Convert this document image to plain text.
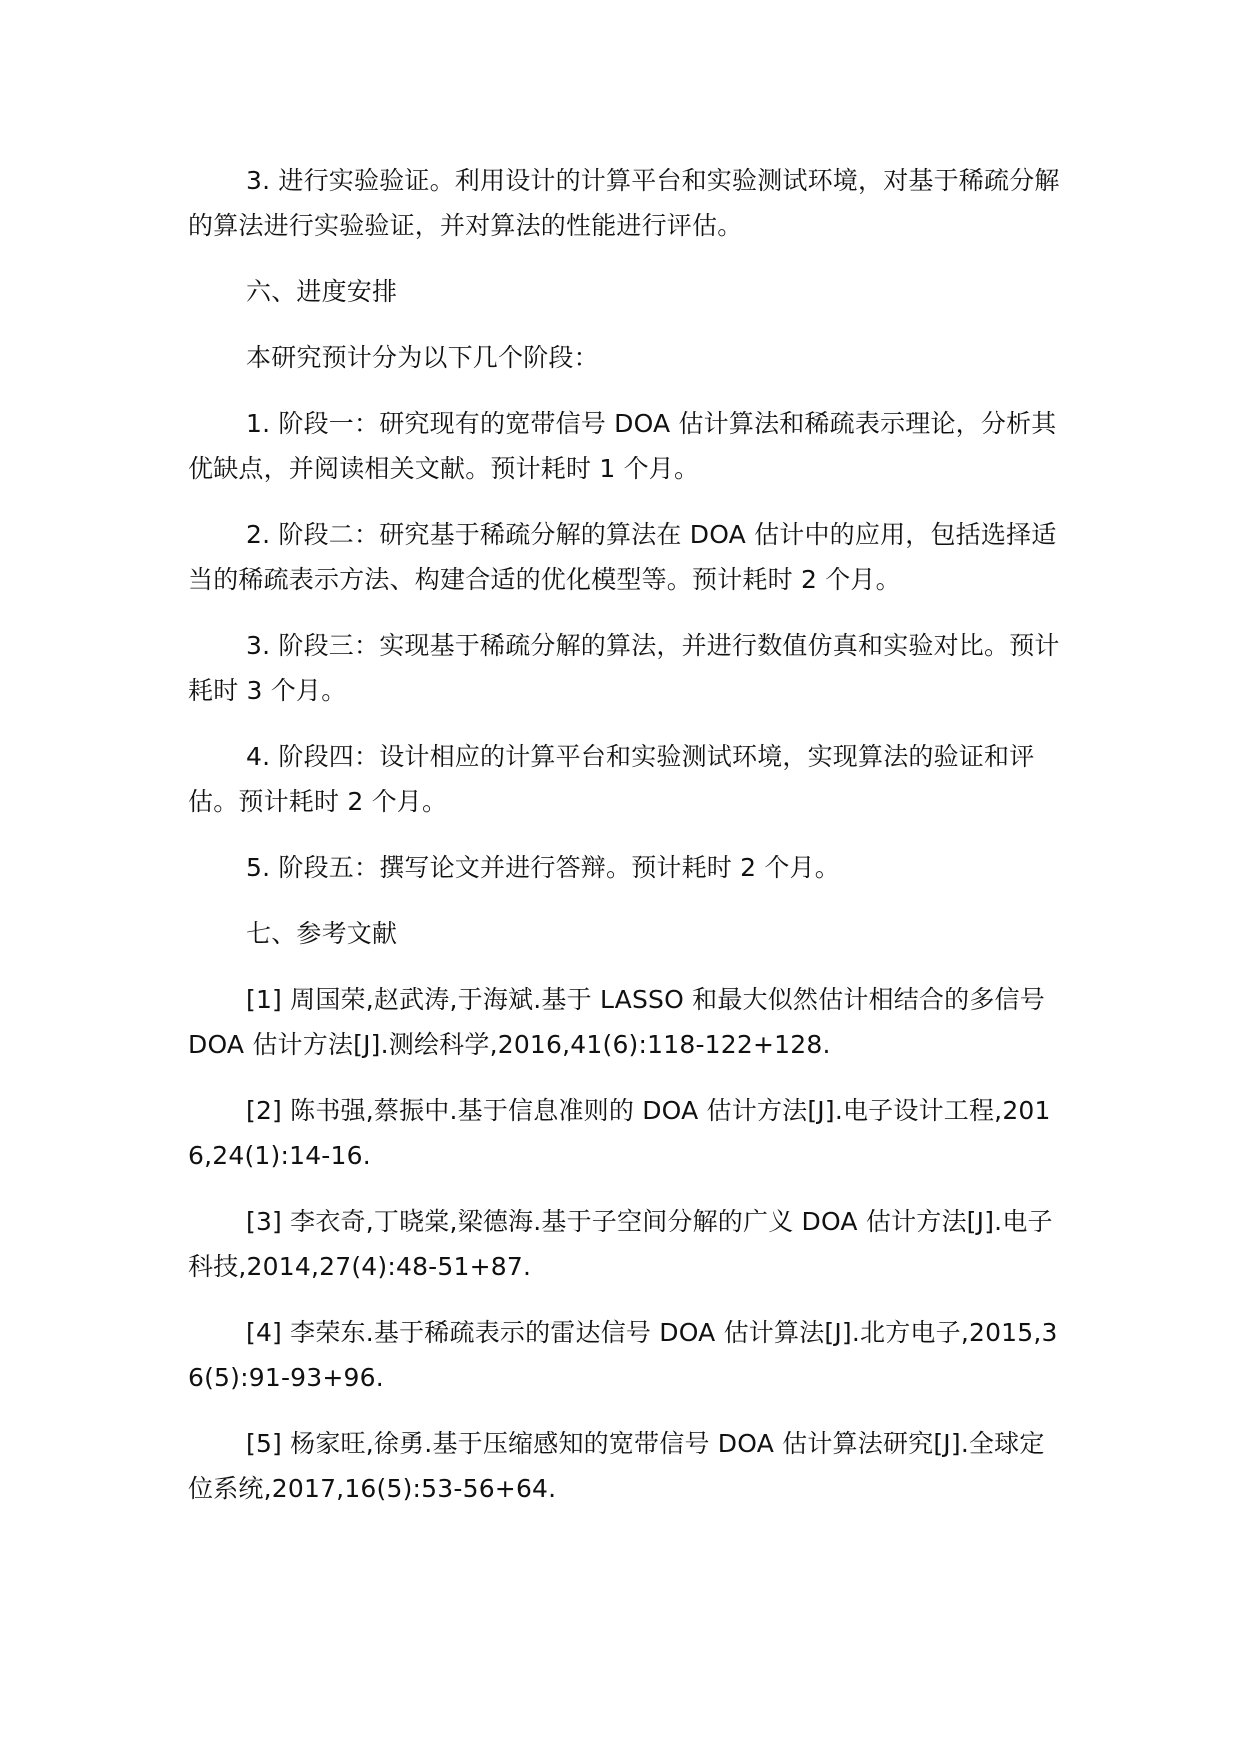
3. 进行实验验证。利用设计的计算平台和实验测试环境，对基于稀疏分解的算法进行实验验证，并对算法的性能进行评估。

六、进度安排

本研究预计分为以下几个阶段：

1. 阶段一：研究现有的宽带信号 DOA 估计算法和稀疏表示理论，分析其优缺点，并阅读相关文献。预计耗时 1 个月。

2. 阶段二：研究基于稀疏分解的算法在 DOA 估计中的应用，包括选择适当的稀疏表示方法、构建合适的优化模型等。预计耗时 2 个月。

3. 阶段三：实现基于稀疏分解的算法，并进行数值仿真和实验对比。预计耗时 3 个月。

4. 阶段四：设计相应的计算平台和实验测试环境，实现算法的验证和评估。预计耗时 2 个月。

5. 阶段五：撰写论文并进行答辩。预计耗时 2 个月。

七、参考文献

[1] 周国荣,赵武涛,于海斌.基于 LASSO 和最大似然估计相结合的多信号 DOA 估计方法[J].测绘科学,2016,41(6):118-122+128.

[2] 陈书强,蔡振中.基于信息准则的 DOA 估计方法[J].电子设计工程,2016,24(1):14-16.

[3] 李衣奇,丁晓棠,梁德海.基于子空间分解的广义 DOA 估计方法[J].电子科技,2014,27(4):48-51+87.

[4] 李荣东.基于稀疏表示的雷达信号 DOA 估计算法[J].北方电子,2015,36(5):91-93+96.

[5] 杨家旺,徐勇.基于压缩感知的宽带信号 DOA 估计算法研究[J].全球定位系统,2017,16(5):53-56+64.
